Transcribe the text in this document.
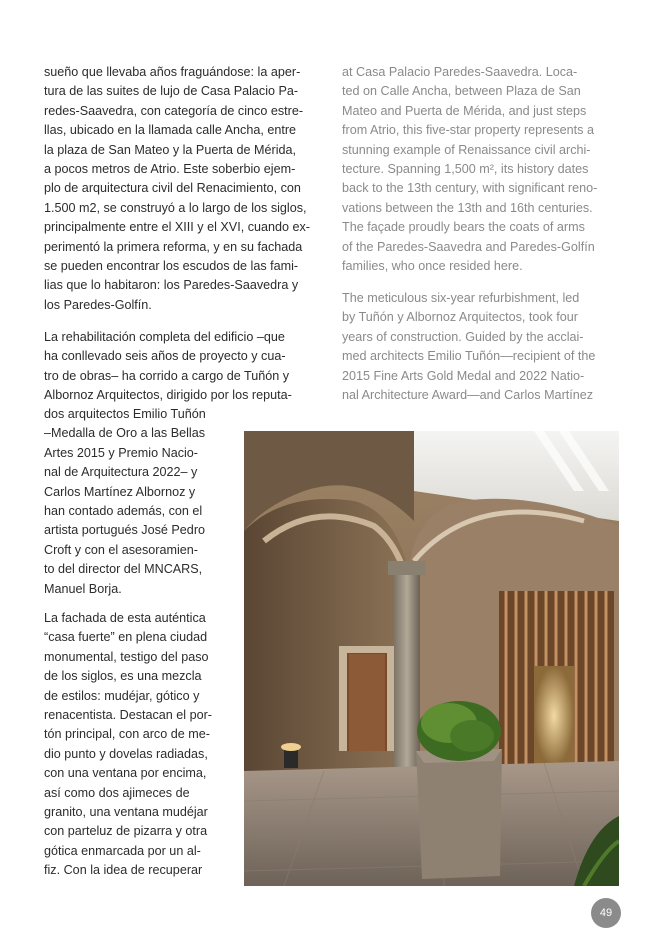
sueño que llevaba años fraguándose: la aper-
tura de las suites de lujo de Casa Palacio Pa-
redes-Saavedra, con categoría de cinco estre-
llas, ubicado en la llamada calle Ancha, entre
la plaza de San Mateo y la Puerta de Mérida,
a pocos metros de Atrio. Este soberbio ejem-
plo de arquitectura civil del Renacimiento, con
1.500 m2, se construyó a lo largo de los siglos,
principalmente entre el XIII y el XVI, cuando ex-
perimentó la primera reforma, y en su fachada
se pueden encontrar los escudos de las fami-
lias que lo habitaron: los Paredes-Saavedra y
los Paredes-Golfín.

La rehabilitación completa del edificio –que
ha conllevado seis años de proyecto y cua-
tro de obras– ha corrido a cargo de Tuñón y
Albornoz Arquitectos, dirigido por los reputa-

dos arquitectos Emilio Tuñón
–Medalla de Oro a las Bellas
Artes 2015 y Premio Nacio-
nal de Arquitectura 2022– y
Carlos Martínez Albornoz y
han contado además, con el
artista portugués José Pedro
Croft y con el asesoramien-
to del director del MNCARS,
Manuel Borja.

La fachada de esta auténtica
“casa fuerte” en plena ciudad
monumental, testigo del paso
de los siglos, es una mezcla
de estilos: mudéjar, gótico y
renacentista. Destacan el por-
tón principal, con arco de me-
dio punto y dovelas radiadas,
con una ventana por encima,
así como dos ajimeces de
granito, una ventana mudéjar
con parteluz de pizarra y otra
gótica enmarcada por un al-
fiz. Con la idea de recuperar

at Casa Palacio Paredes-Saavedra. Loca-
ted on Calle Ancha, between Plaza de San
Mateo and Puerta de Mérida, and just steps
from Atrio, this five-star property represents a
stunning example of Renaissance civil archi-
tecture. Spanning 1,500 m², its history dates
back to the 13th century, with significant reno-
vations between the 13th and 16th centuries.
The façade proudly bears the coats of arms
of the Paredes-Saavedra and Paredes-Golfín
families, who once resided here.

The meticulous six-year refurbishment, led
by Tuñón y Albornoz Arquitectos, took four
years of construction. Guided by the acclai-
med architects Emilio Tuñón—recipient of the
2015 Fine Arts Gold Medal and 2022 Natio-
nal Architecture Award—and Carlos Martínez

49
